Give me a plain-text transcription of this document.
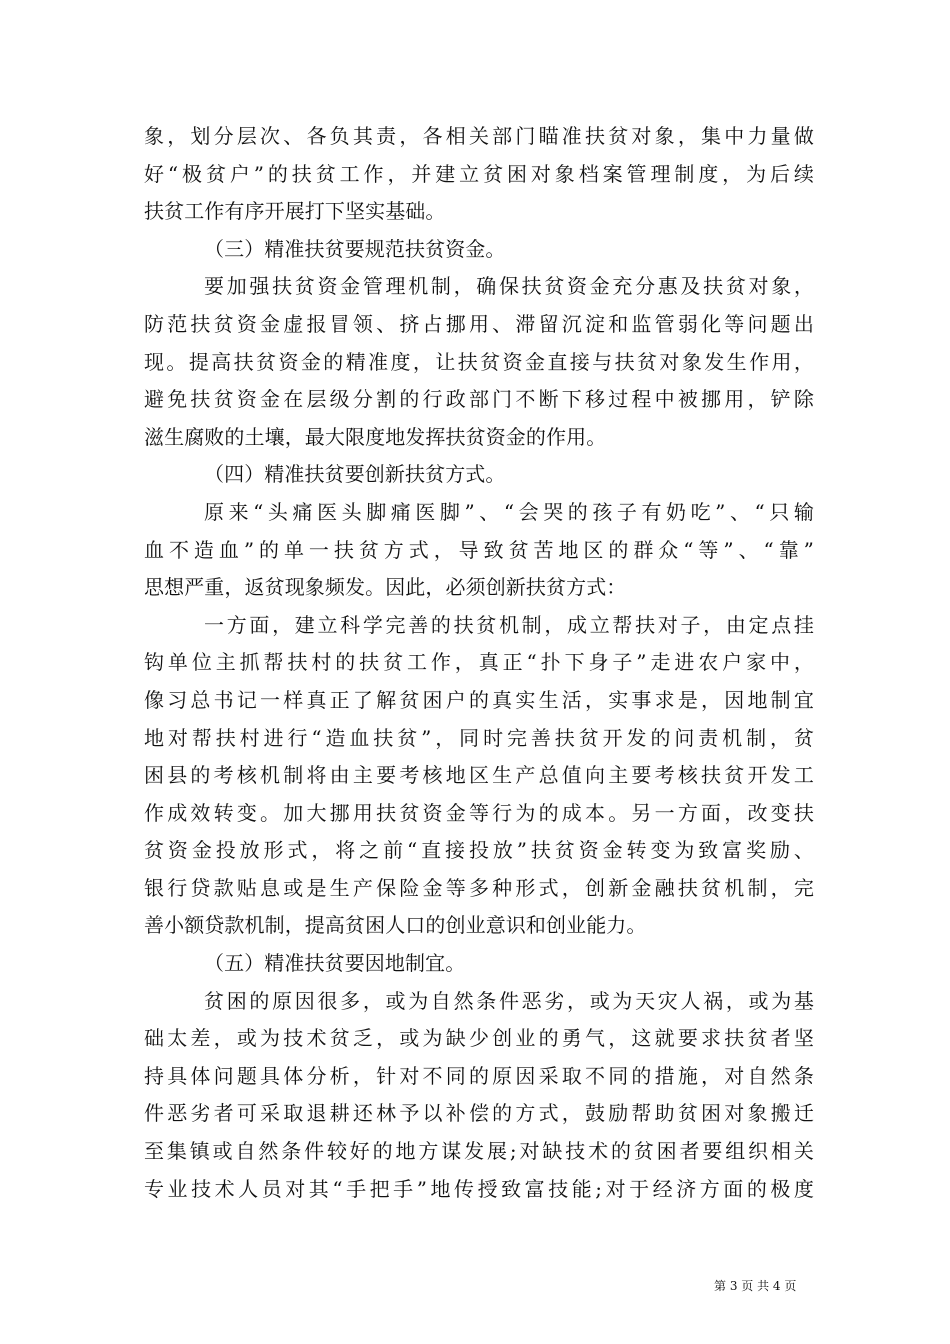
象，划分层次、各负其责，各相关部门瞄准扶贫对象，集中力量做
好“极贫户”的扶贫工作，并建立贫困对象档案管理制度，为后续
扶贫工作有序开展打下坚实基础。
（三）精准扶贫要规范扶贫资金。
要加强扶贫资金管理机制，确保扶贫资金充分惠及扶贫对象，
防范扶贫资金虚报冒领、挤占挪用、滞留沉淀和监管弱化等问题出
现。提高扶贫资金的精准度，让扶贫资金直接与扶贫对象发生作用，
避免扶贫资金在层级分割的行政部门不断下移过程中被挪用，铲除
滋生腐败的土壤，最大限度地发挥扶贫资金的作用。
（四）精准扶贫要创新扶贫方式。
原来“头痛医头脚痛医脚”、“会哭的孩子有奶吃”、“只输
血不造血”的单一扶贫方式，导致贫苦地区的群众“等”、“靠”
思想严重，返贫现象频发。因此，必须创新扶贫方式：
一方面，建立科学完善的扶贫机制，成立帮扶对子，由定点挂
钩单位主抓帮扶村的扶贫工作，真正“扑下身子”走进农户家中，
像习总书记一样真正了解贫困户的真实生活，实事求是，因地制宜
地对帮扶村进行“造血扶贫”，同时完善扶贫开发的问责机制，贫
困县的考核机制将由主要考核地区生产总值向主要考核扶贫开发工
作成效转变。加大挪用扶贫资金等行为的成本。另一方面，改变扶
贫资金投放形式，将之前“直接投放”扶贫资金转变为致富奖励、
银行贷款贴息或是生产保险金等多种形式，创新金融扶贫机制，完
善小额贷款机制，提高贫困人口的创业意识和创业能力。
（五）精准扶贫要因地制宜。
贫困的原因很多，或为自然条件恶劣，或为天灾人祸，或为基
础太差，或为技术贫乏，或为缺少创业的勇气，这就要求扶贫者坚
持具体问题具体分析，针对不同的原因采取不同的措施，对自然条
件恶劣者可采取退耕还林予以补偿的方式，鼓励帮助贫困对象搬迁
至集镇或自然条件较好的地方谋发展;对缺技术的贫困者要组织相关
专业技术人员对其“手把手”地传授致富技能;对于经济方面的极度
第 3 页 共 4 页
